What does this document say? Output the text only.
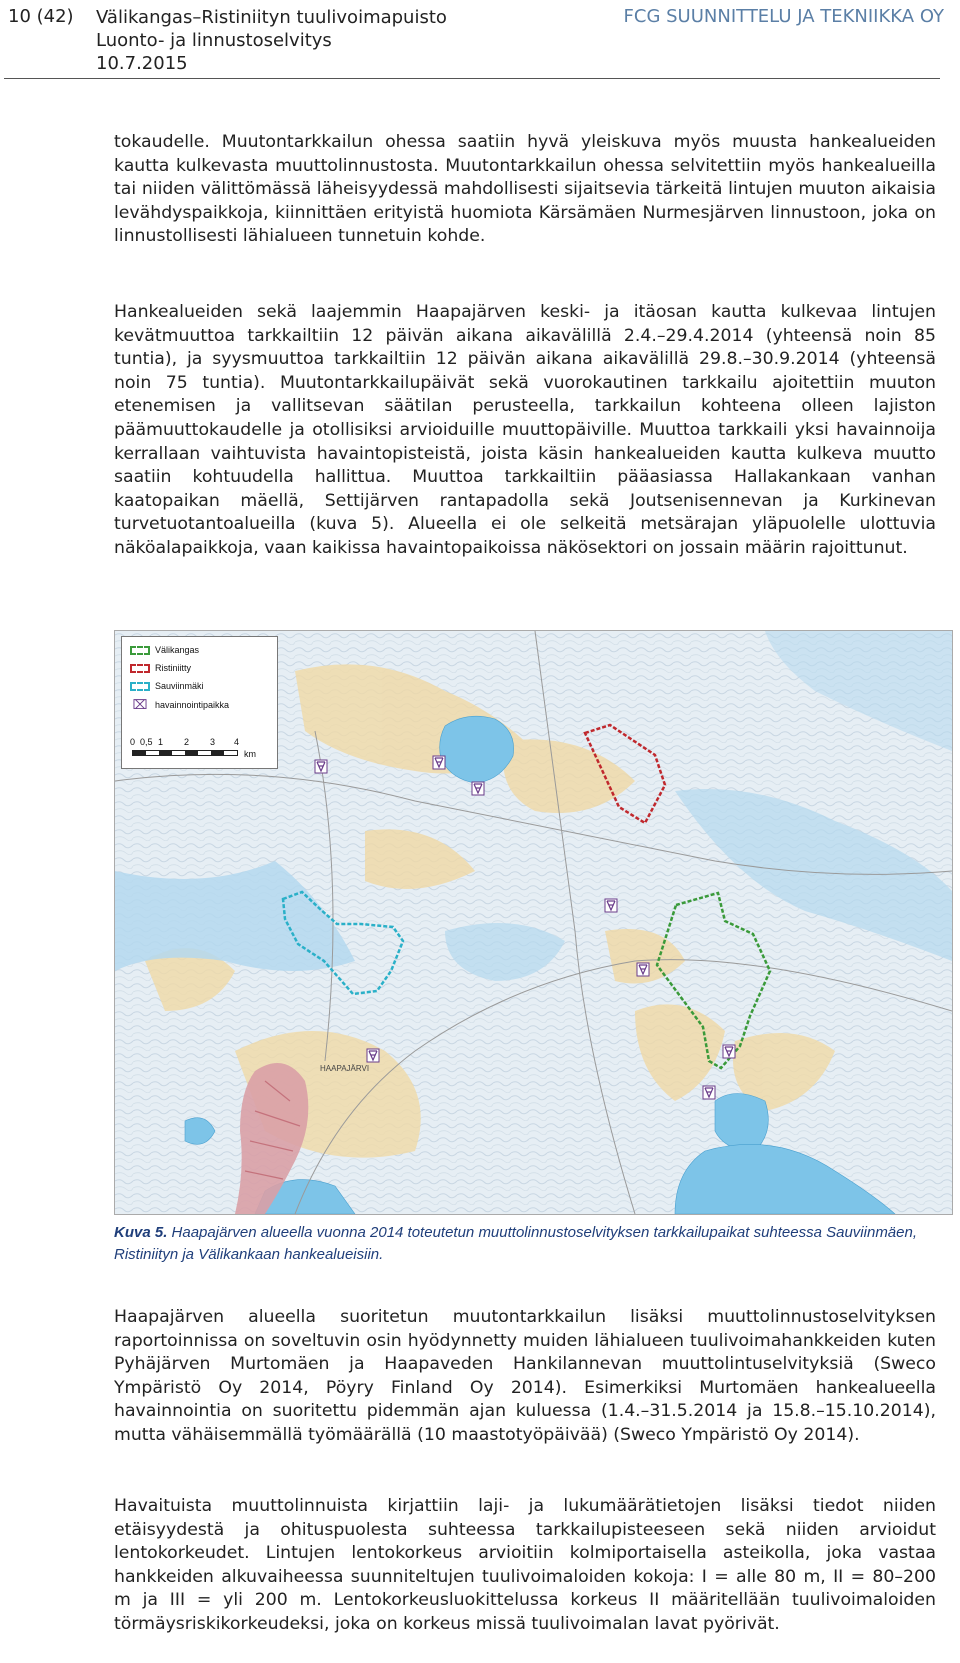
10 (42) Välikangas–Ristiniityn tuulivoimapuisto
Luonto- ja linnustoselvitys
10.7.2015
FCG SUUNNITTELU JA TEKNIIKKA OY

tokaudelle. Muutontarkkailun ohessa saatiin hyvä yleiskuva myös muusta hankealueiden kautta kulkevasta muuttolinnustosta. Muutontarkkailun ohessa selvitettiin myös hankealueilla tai niiden välittömässä läheisyydessä mahdollisesti sijaitsevia tärkeitä lintujen muuton aikaisia levähdyspaikkoja, kiinnittäen erityistä huomiota Kärsämäen Nurmesjärven linnustoon, joka on linnustollisesti lähialueen tunnetuin kohde.

Hankealueiden sekä laajemmin Haapajärven keski- ja itäosan kautta kulkevaa lintujen kevätmuuttoa tarkkailtiin 12 päivän aikana aikavälillä 2.4.–29.4.2014 (yhteensä noin 85 tuntia), ja syysmuuttoa tarkkailtiin 12 päivän aikana aikavälillä 29.8.–30.9.2014 (yhteensä noin 75 tuntia). Muutontarkkailupäivät sekä vuorokautinen tarkkailu ajoitettiin muuton etenemisen ja vallitsevan säätilan perusteella, tarkkailun kohteena olleen lajiston päämuuttokaudelle ja otollisiksi arvioiduille muuttopäiville. Muuttoa tarkkaili yksi havainnoija kerrallaan vaihtuvista havaintopisteistä, joista käsin hankealueiden kautta kulkeva muutto saatiin kohtuudella hallittua. Muuttoa tarkkailtiin pääasiassa Hallakankaan vanhan kaatopaikan mäellä, Settijärven rantapadolla sekä Joutsenisennevan ja Kurkinevan turvetuotantoalueilla (kuva 5). Alueella ei ole selkeitä metsärajan yläpuolelle ulottuvia näköalapaikkoja, vaan kaikissa havaintopaikoissa näkösektori on jossain määrin rajoittunut.

HAAPAJÄRVI
Välikangas
Ristiniitty
Sauviinmäki
⌧ havainnointipaikka
0 0,5 1 2 3 4
km
Kuva 5. Haapajärven alueella vuonna 2014 toteutetun muuttolinnustoselvityksen tarkkailupaikat suhteessa Sauviinmäen, Ristiniityn ja Välikankaan hankealueisiin.

Haapajärven alueella suoritetun muutontarkkailun lisäksi muuttolinnustoselvityksen raportoinnissa on soveltuvin osin hyödynnetty muiden lähialueen tuulivoimahankkeiden kuten Pyhäjärven Murtomäen ja Haapaveden Hankilannevan muuttolintuselvityksiä (Sweco Ympäristö Oy 2014, Pöyry Finland Oy 2014). Esimerkiksi Murtomäen hankealueella havainnointia on suoritettu pidemmän ajan kuluessa (1.4.–31.5.2014 ja 15.8.–15.10.2014), mutta vähäisemmällä työmäärällä (10 maastotyöpäivää) (Sweco Ympäristö Oy 2014).

Havaituista muuttolinnuista kirjattiin laji- ja lukumäärätietojen lisäksi tiedot niiden etäisyydestä ja ohituspuolesta suhteessa tarkkailupisteeseen sekä niiden arvioidut lentokorkeudet. Lintujen lentokorkeus arvioitiin kolmiportaisella asteikolla, joka vastaa hankkeiden alkuvaiheessa suunniteltujen tuulivoimaloiden kokoja: I = alle 80 m, II = 80–200 m ja III = yli 200 m. Lentokorkeusluokittelussa korkeus II määritellään tuulivoimaloiden törmäysriskikorkeudeksi, joka on korkeus missä tuulivoimalan lavat pyörivät.
